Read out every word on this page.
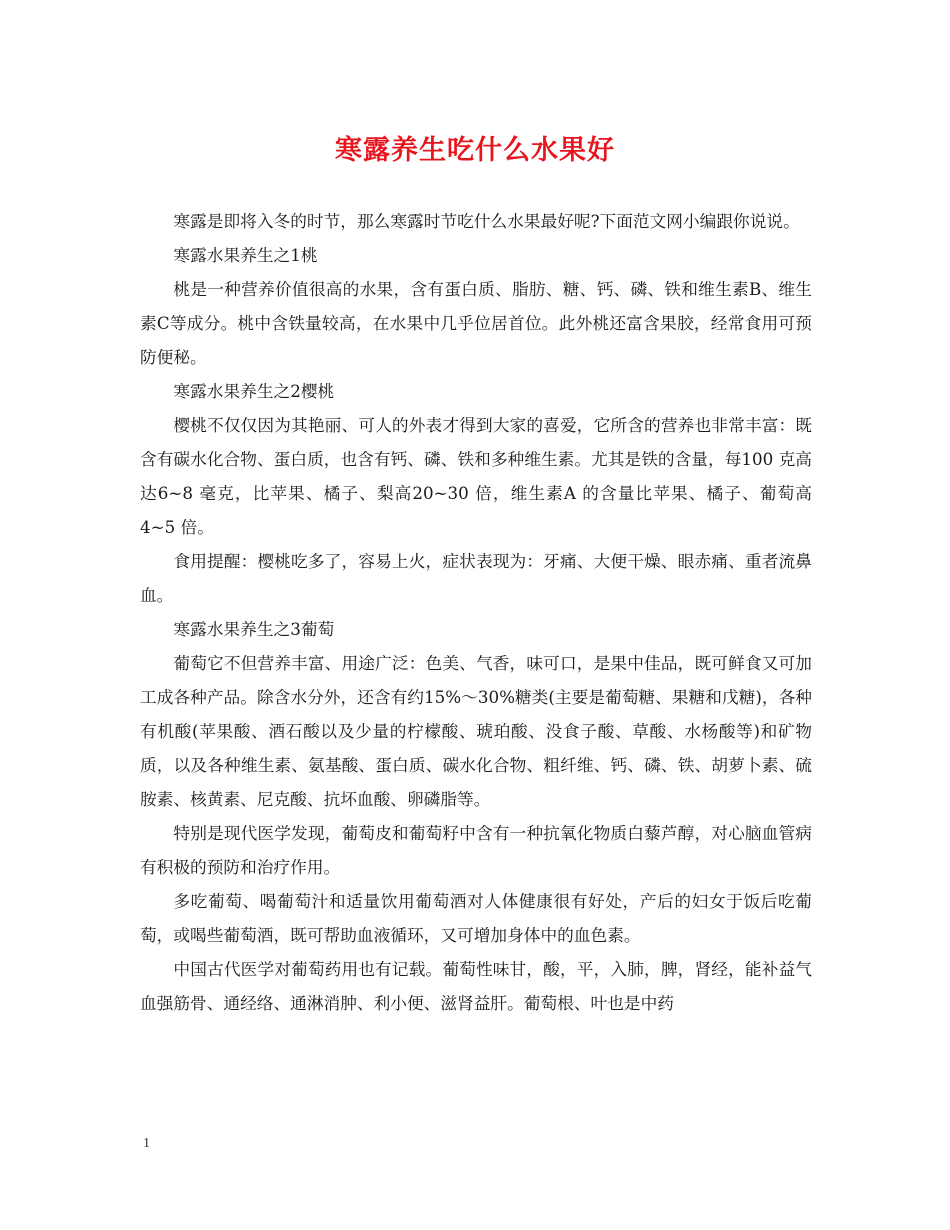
寒露养生吃什么水果好

寒露是即将入冬的时节，那么寒露时节吃什么水果最好呢?下面范文网小编跟你说说。

寒露水果养生之1桃

桃是一种营养价值很高的水果，含有蛋白质、脂肪、糖、钙、磷、铁和维生素B、维生素C等成分。桃中含铁量较高，在水果中几乎位居首位。此外桃还富含果胶，经常食用可预防便秘。

寒露水果养生之2樱桃

樱桃不仅仅因为其艳丽、可人的外表才得到大家的喜爱，它所含的营养也非常丰富：既含有碳水化合物、蛋白质，也含有钙、磷、铁和多种维生素。尤其是铁的含量，每100 克高达6~8 毫克，比苹果、橘子、梨高20~30 倍，维生素A 的含量比苹果、橘子、葡萄高4~5 倍。

食用提醒：樱桃吃多了，容易上火，症状表现为：牙痛、大便干燥、眼赤痛、重者流鼻血。

寒露水果养生之3葡萄

葡萄它不但营养丰富、用途广泛：色美、气香，味可口，是果中佳品，既可鲜食又可加工成各种产品。除含水分外，还含有约15%～30%糖类(主要是葡萄糖、果糖和戊糖)，各种有机酸(苹果酸、酒石酸以及少量的柠檬酸、琥珀酸、没食子酸、草酸、水杨酸等)和矿物质，以及各种维生素、氨基酸、蛋白质、碳水化合物、粗纤维、钙、磷、铁、胡萝卜素、硫胺素、核黄素、尼克酸、抗坏血酸、卵磷脂等。

特别是现代医学发现，葡萄皮和葡萄籽中含有一种抗氧化物质白藜芦醇，对心脑血管病有积极的预防和治疗作用。

多吃葡萄、喝葡萄汁和适量饮用葡萄酒对人体健康很有好处，产后的妇女于饭后吃葡萄，或喝些葡萄酒，既可帮助血液循环，又可增加身体中的血色素。

中国古代医学对葡萄药用也有记载。葡萄性味甘，酸，平，入肺，脾，肾经，能补益气血强筋骨、通经络、通淋消肿、利小便、滋肾益肝。葡萄根、叶也是中药

1
